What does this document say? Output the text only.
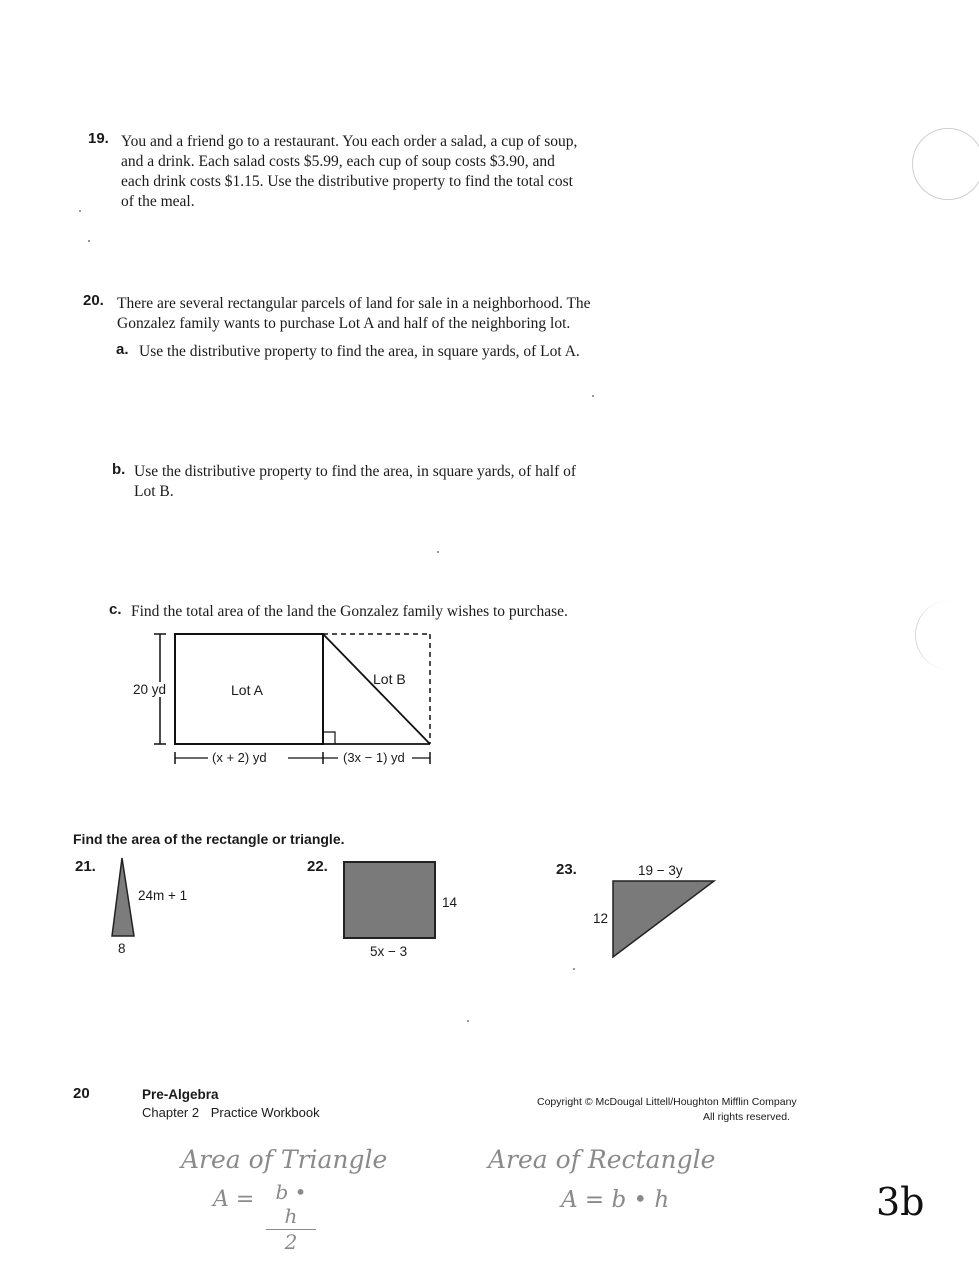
19. You and a friend go to a restaurant. You each order a salad, a cup of soup,
and a drink. Each salad costs $5.99, each cup of soup costs $3.90, and
each drink costs $1.15. Use the distributive property to find the total cost
of the meal.
20. There are several rectangular parcels of land for sale in a neighborhood. The
Gonzalez family wants to purchase Lot A and half of the neighboring lot.
a. Use the distributive property to find the area, in square yards, of Lot A.
b. Use the distributive property to find the area, in square yards, of half of
Lot B.
c. Find the total area of the land the Gonzalez family wishes to purchase.
20 yd	Lot A
Lot B
(x + 2) yd	(3x − 1) yd
Find the area of the rectangle or triangle.
21.
24m + 1
8
22.
14
5x − 3
23.	19 − 3y
12
20	Pre-Algebra
Chapter 2 Practice Workbook
Copyright © McDougal Littell/Houghton Mifflin Company
All rights reserved.
Area of Triangle
$A = \frac{b • h}{2}$
Area of Rectangle
A = b • h	3b
